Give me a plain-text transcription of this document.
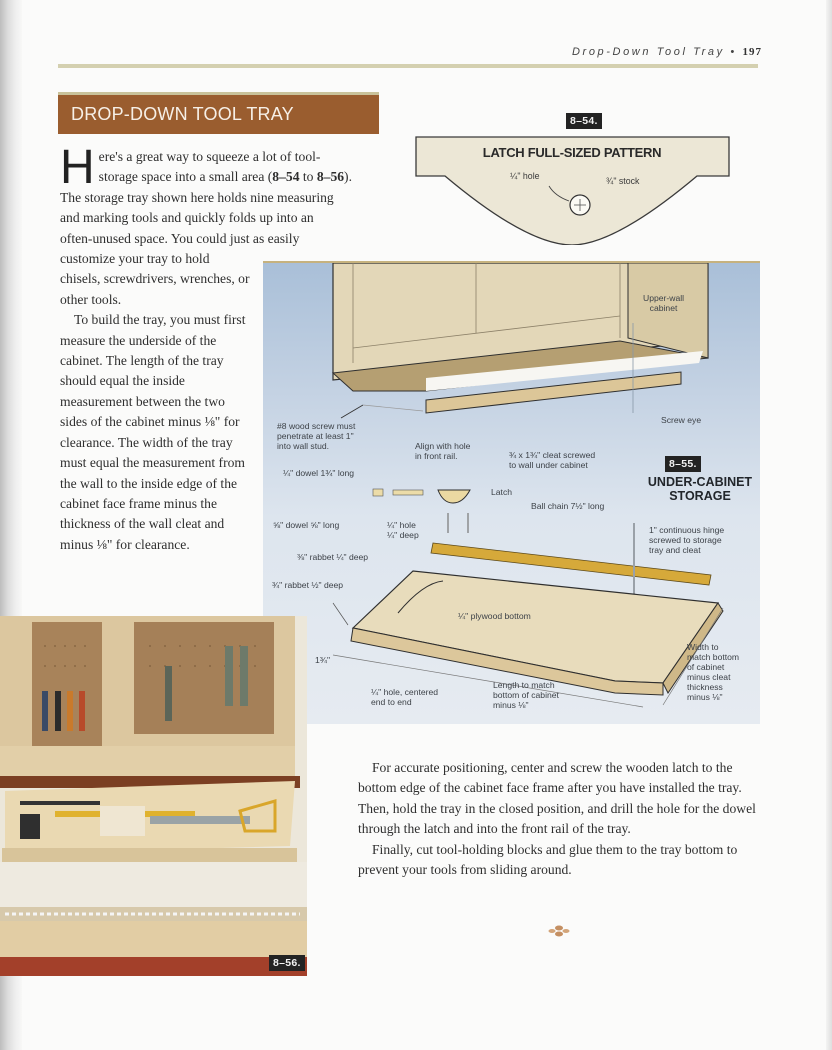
Drop-Down Tool Tray • 197
DROP-DOWN TOOL TRAY

Here's a great way to squeeze a lot of tool-
storage space into a small area (8–54 to 8–56).
The storage tray shown here holds nine measuring and marking tools and quickly folds up into an often-unused space. You could just as easily

customize your tray to hold chisels, screwdrivers, wrenches, or other tools.

To build the tray, you must first measure the underside of the cabinet. The length of the tray should equal the inside measurement between the two sides of the cabinet minus ⅛" for clearance. The width of the tray must equal the measurement from the wall to the inside edge of the cabinet face frame minus the thickness of the wall cleat and minus ⅛" for clearance.

8–54.
LATCH FULL-SIZED PATTERN
¼" hole	¾" stock
Upper-wall
cabinet
Screw eye
#8 wood screw must
penetrate at least 1"
into wall stud.	Align with hole
in front rail.	¾ x 1¾" cleat screwed
to wall under cabinet
¼" dowel 1¾" long
Latch
Ball chain 7½" long
⅝" dowel ⅝" long	¼" hole
¼" deep	1" continuous hinge
screwed to storage
tray and cleat
⅜" rabbet ¼" deep
¾" rabbet ½" deep
¼" plywood bottom
1¾"
¼" hole, centered
end to end
Length to match
bottom of cabinet
minus ⅛"
Width to
match bottom
of cabinet
minus cleat
thickness
minus ⅛"
8–55.
UNDER-CABINET
STORAGE
8–56.

For accurate positioning, center and screw the wooden latch to the bottom edge of the cabinet face frame after you have installed the tray. Then, hold the tray in the closed position, and drill the hole for the dowel through the latch and into the front rail of the tray.

Finally, cut tool-holding blocks and glue them to the tray bottom to prevent your tools from sliding around.
